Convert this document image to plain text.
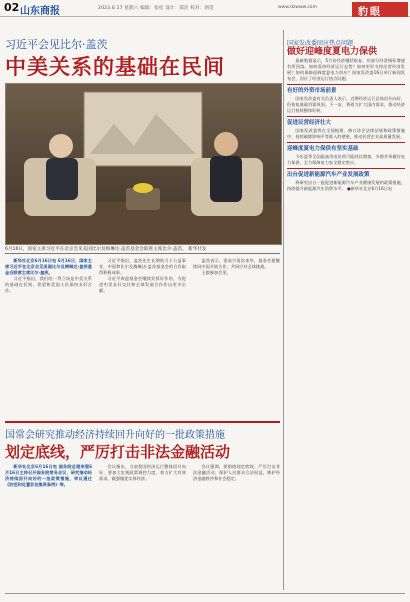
02 山东商报	2023.6.17 星期六 编辑：张松 设计：郑洁 校对：朗雯	www.dzwww.com	豹眼
习近平会见比尔·盖茨
中美关系的基础在民间
6月16日，国家主席习近平在北京会见美国比尔及梅琳达·盖茨基金会联席主席比尔·盖茨。 新华社发

新华社北京6月16日电 6月16日，国家主席习近平在北京会见美国比尔及梅琳达·盖茨基金会联席主席比尔·盖茨。

习近平指出，我们的一贯立场是中美关系的基础在民间，希望和美国人民保持友好合作。

习近平指出，盖茨先生长期致力于公益事业，中国和比尔及梅琳达·盖茨基金会的合作取得积极成果。

习近平欢迎基金会继续发挥好作用，为促进中美友好交往和全球发展合作作出更多贡献。

盖茨表示，很高兴再次来华，基金会愿继续同中国开展合作，共同应对全球挑战。

王毅参加会见。

国常会研究推动经济持续回升向好的一批政策措施
划定底线，严厉打击非法金融活动

新华社北京6月16日电 国务院总理李强6月16日主持召开国务院常务会议，研究推动经济持续回升向好的一批政策措施，审议通过《防范和处置非法集资条例》等。

会议指出，当前我国经济运行整体回升向好，要加大宏观政策调控力度，着力扩大有效需求，做强做优实体经济。

会议强调，要围绕划定底线、严厉打击非法金融活动，保护人民群众合法权益，维护经济金融秩序和社会稳定。

国家发改委回应热点问题
做好迎峰度夏电力保供

最新数据显示，5月份经济继续恢复，但部分经济指标增速有所回落。如何看待经济运行态势？如何更好支持民营经济发展？如何保障迎峰度夏电力供应？国家发改委16日举行新闻发布会，回应了经济运行热点问题。

有好的外资市场前景

国家发改委有关负责人表示，近期经济运行总体回升向好，但恢复基础仍需巩固。下一步，将着力扩大国内需求，推动经济运行持续整体好转。

促进民营经济壮大

国家发改委将在全面梳理、修订涉企法律法规和政策措施中，持续破除影响平等准入的壁垒，推动民营企业高质量发展。

迎峰度夏电力保供有坚实基础

今年夏季全国最高用电负荷可能同比增加，多措并举做好电力保供，全力保障电力安全稳定供应。

出台促进新能源汽车产业发展政策

将研究出台一批促进新能源汽车产业健康发展的政策措施，持续提升新能源汽车消费水平。 ●新华社北京6月16日电
